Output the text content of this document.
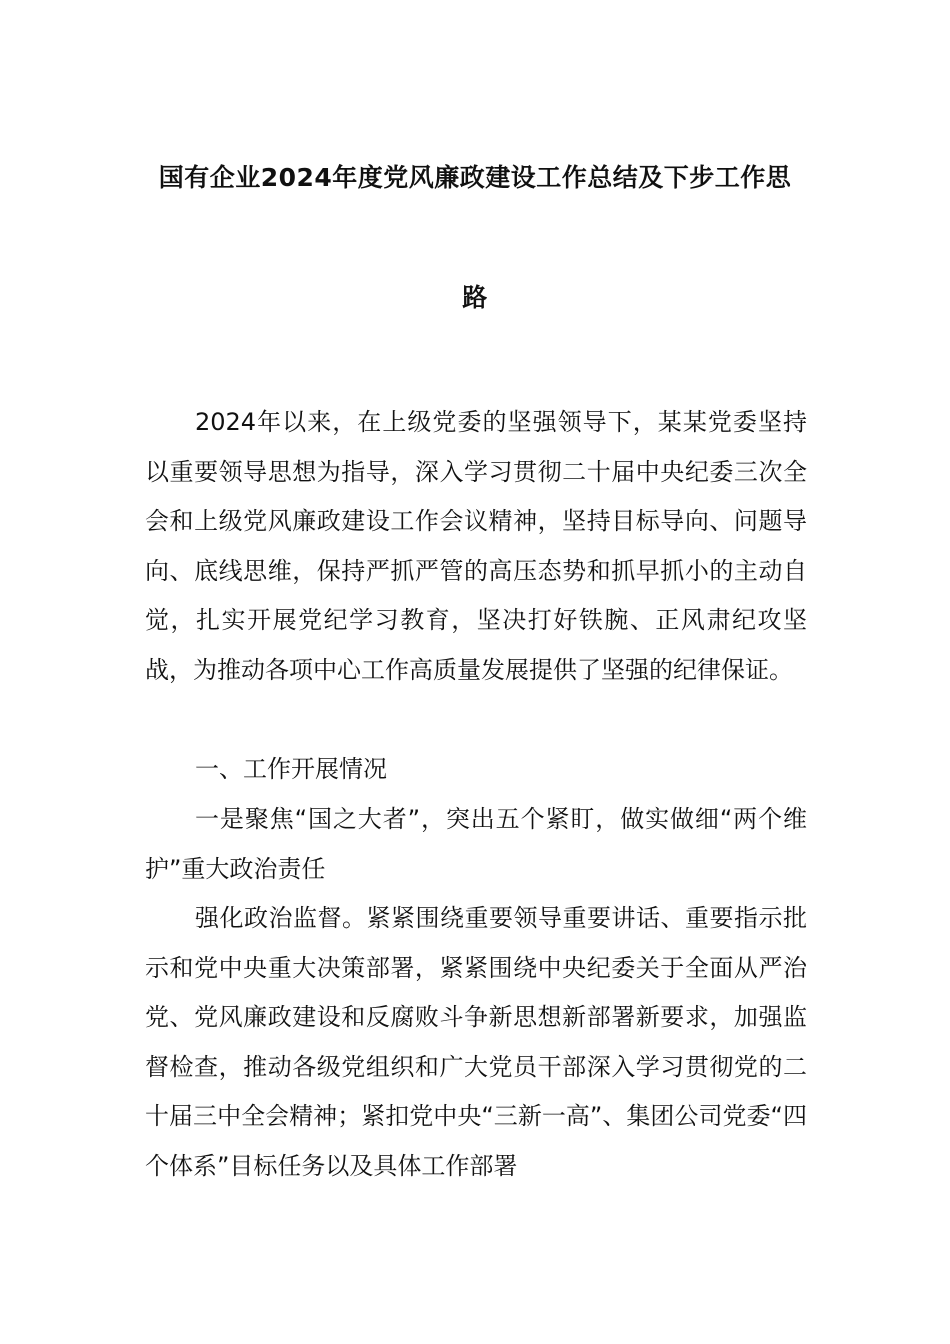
国有企业2024年度党风廉政建设工作总结及下步工作思
路

2024年以来，在上级党委的坚强领导下，某某党委坚持以重要领导思想为指导，深入学习贯彻二十届中央纪委三次全会和上级党风廉政建设工作会议精神，坚持目标导向、问题导向、底线思维，保持严抓严管的高压态势和抓早抓小的主动自觉，扎实开展党纪学习教育，坚决打好铁腕、正风肃纪攻坚战，为推动各项中心工作高质量发展提供了坚强的纪律保证。

一、工作开展情况

一是聚焦“国之大者”，突出五个紧盯，做实做细“两个维护”重大政治责任

强化政治监督。紧紧围绕重要领导重要讲话、重要指示批示和党中央重大决策部署，紧紧围绕中央纪委关于全面从严治党、党风廉政建设和反腐败斗争新思想新部署新要求，加强监督检查，推动各级党组织和广大党员干部深入学习贯彻党的二十届三中全会精神；紧扣党中央“三新一高”、集团公司党委“四个体系”目标任务以及具体工作部署
